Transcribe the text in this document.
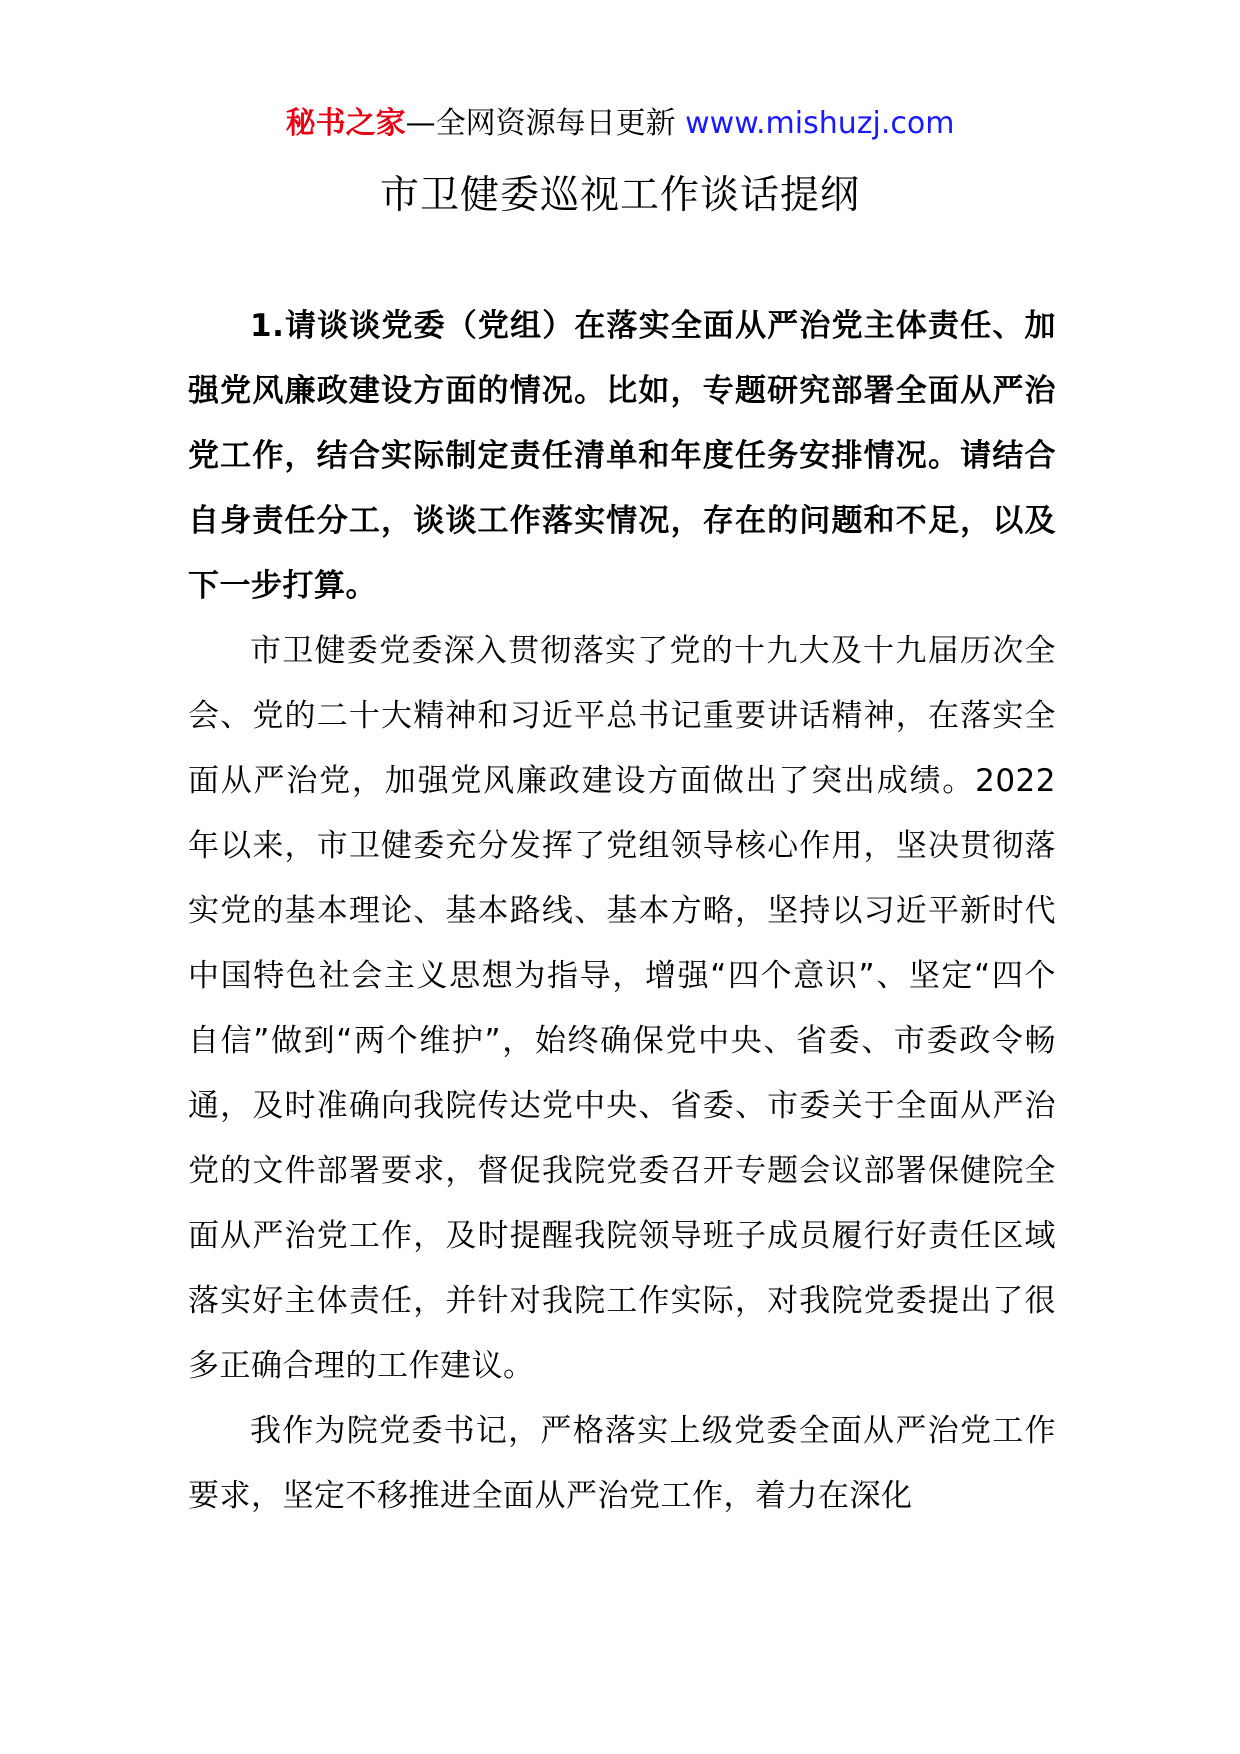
秘书之家—全网资源每日更新 www.mishuzj.com
市卫健委巡视工作谈话提纲

1.请谈谈党委（党组）在落实全面从严治党主体责任、加强党风廉政建设方面的情况。比如，专题研究部署全面从严治党工作，结合实际制定责任清单和年度任务安排情况。请结合自身责任分工，谈谈工作落实情况，存在的问题和不足，以及下一步打算。

市卫健委党委深入贯彻落实了党的十九大及十九届历次全会、党的二十大精神和习近平总书记重要讲话精神，在落实全面从严治党，加强党风廉政建设方面做出了突出成绩。2022年以来，市卫健委充分发挥了党组领导核心作用，坚决贯彻落实党的基本理论、基本路线、基本方略，坚持以习近平新时代中国特色社会主义思想为指导，增强“四个意识”、坚定“四个自信”做到“两个维护”，始终确保党中央、省委、市委政令畅通，及时准确向我院传达党中央、省委、市委关于全面从严治党的文件部署要求，督促我院党委召开专题会议部署保健院全面从严治党工作，及时提醒我院领导班子成员履行好责任区域落实好主体责任，并针对我院工作实际，对我院党委提出了很多正确合理的工作建议。

我作为院党委书记，严格落实上级党委全面从严治党工作要求，坚定不移推进全面从严治党工作，着力在深化
